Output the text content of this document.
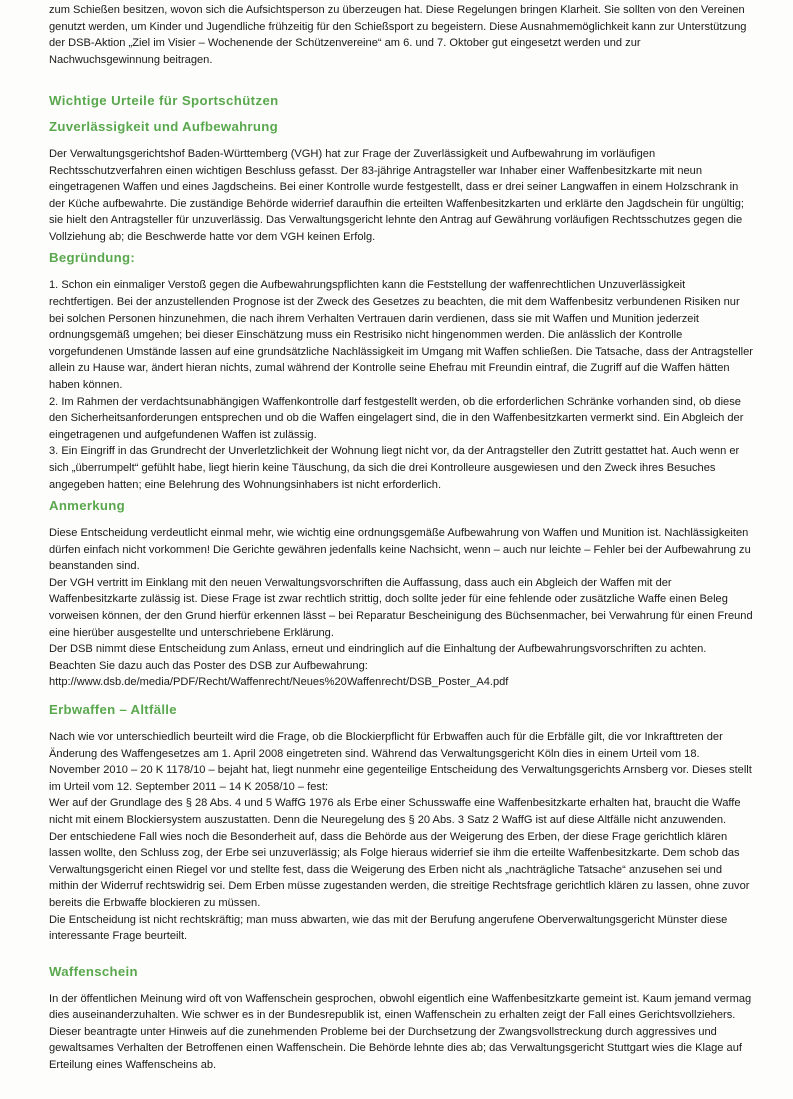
zum Schießen besitzen, wovon sich die Aufsichtsperson zu überzeugen hat. Diese Regelungen bringen Klarheit. Sie sollten von den Vereinen genutzt werden, um Kinder und Jugendliche frühzeitig für den Schießsport zu begeistern. Diese Ausnahmemöglichkeit kann zur Unterstützung der DSB-Aktion „Ziel im Visier – Wochenende der Schützenvereine“ am 6. und 7. Oktober gut eingesetzt werden und zur Nachwuchsgewinnung beitragen.

Wichtige Urteile für Sportschützen
Zuverlässigkeit und Aufbewahrung

Der Verwaltungsgerichtshof Baden-Württemberg (VGH) hat zur Frage der Zuverlässigkeit und Aufbewahrung im vorläufigen Rechtsschutzverfahren einen wichtigen Beschluss gefasst. Der 83-jährige Antragsteller war Inhaber einer Waffenbesitzkarte mit neun eingetragenen Waffen und eines Jagdscheins. Bei einer Kontrolle wurde festgestellt, dass er drei seiner Langwaffen in einem Holzschrank in der Küche aufbewahrte. Die zuständige Behörde widerrief daraufhin die erteilten Waffenbesitzkarten und erklärte den Jagdschein für ungültig; sie hielt den Antragsteller für unzuverlässig. Das Verwaltungsgericht lehnte den Antrag auf Gewährung vorläufigen Rechtsschutzes gegen die Vollziehung ab; die Beschwerde hatte vor dem VGH keinen Erfolg.

Begründung:

1. Schon ein einmaliger Verstoß gegen die Aufbewahrungspflichten kann die Feststellung der waffenrechtlichen Unzuverlässigkeit rechtfertigen. Bei der anzustellenden Prognose ist der Zweck des Gesetzes zu beachten, die mit dem Waffenbesitz verbundenen Risiken nur bei solchen Personen hinzunehmen, die nach ihrem Verhalten Vertrauen darin verdienen, dass sie mit Waffen und Munition jederzeit ordnungsgemäß umgehen; bei dieser Einschätzung muss ein Restrisiko nicht hingenommen werden. Die anlässlich der Kontrolle vorgefundenen Umstände lassen auf eine grundsätzliche Nachlässigkeit im Umgang mit Waffen schließen. Die Tatsache, dass der Antragsteller allein zu Hause war, ändert hieran nichts, zumal während der Kontrolle seine Ehefrau mit Freundin eintraf, die Zugriff auf die Waffen hätten haben können.

2. Im Rahmen der verdachtsunabhängigen Waffenkontrolle darf festgestellt werden, ob die erforderlichen Schränke vorhanden sind, ob diese den Sicherheitsanforderungen entsprechen und ob die Waffen eingelagert sind, die in den Waffenbesitzkarten vermerkt sind. Ein Abgleich der eingetragenen und aufgefundenen Waffen ist zulässig.

3. Ein Eingriff in das Grundrecht der Unverletzlichkeit der Wohnung liegt nicht vor, da der Antragsteller den Zutritt gestattet hat. Auch wenn er sich „überrumpelt“ gefühlt habe, liegt hierin keine Täuschung, da sich die drei Kontrolleure ausgewiesen und den Zweck ihres Besuches angegeben hatten; eine Belehrung des Wohnungsinhabers ist nicht erforderlich.

Anmerkung

Diese Entscheidung verdeutlicht einmal mehr, wie wichtig eine ordnungsgemäße Aufbewahrung von Waffen und Munition ist. Nachlässigkeiten dürfen einfach nicht vorkommen! Die Gerichte gewähren jedenfalls keine Nachsicht, wenn – auch nur leichte – Fehler bei der Aufbewahrung zu beanstanden sind.

Der VGH vertritt im Einklang mit den neuen Verwaltungsvorschriften die Auffassung, dass auch ein Abgleich der Waffen mit der Waffenbesitzkarte zulässig ist. Diese Frage ist zwar rechtlich strittig, doch sollte jeder für eine fehlende oder zusätzliche Waffe einen Beleg vorweisen können, der den Grund hierfür erkennen lässt – bei Reparatur Bescheinigung des Büchsenmacher, bei Verwahrung für einen Freund eine hierüber ausgestellte und unterschriebene Erklärung.

Der DSB nimmt diese Entscheidung zum Anlass, erneut und eindringlich auf die Einhaltung der Aufbewahrungsvorschriften zu achten. Beachten Sie dazu auch das Poster des DSB zur Aufbewahrung:

http://www.dsb.de/media/PDF/Recht/Waffenrecht/Neues%20Waffenrecht/DSB_Poster_A4.pdf

Erbwaffen – Altfälle

Nach wie vor unterschiedlich beurteilt wird die Frage, ob die Blockierpflicht für Erbwaffen auch für die Erbfälle gilt, die vor Inkrafttreten der Änderung des Waffengesetzes am 1. April 2008 eingetreten sind. Während das Verwaltungsgericht Köln dies in einem Urteil vom 18. November 2010 – 20 K 1178/10 – bejaht hat, liegt nunmehr eine gegenteilige Entscheidung des Verwaltungsgerichts Arnsberg vor. Dieses stellt im Urteil vom 12. September 2011 – 14 K 2058/10 – fest:

Wer auf der Grundlage des § 28 Abs. 4 und 5 WaffG 1976 als Erbe einer Schusswaffe eine Waffenbesitzkarte erhalten hat, braucht die Waffe nicht mit einem Blockiersystem auszustatten. Denn die Neuregelung des § 20 Abs. 3 Satz 2 WaffG ist auf diese Altfälle nicht anzuwenden.

Der entschiedene Fall wies noch die Besonderheit auf, dass die Behörde aus der Weigerung des Erben, der diese Frage gerichtlich klären lassen wollte, den Schluss zog, der Erbe sei unzuverlässig; als Folge hieraus widerrief sie ihm die erteilte Waffenbesitzkarte. Dem schob das Verwaltungsgericht einen Riegel vor und stellte fest, dass die Weigerung des Erben nicht als „nachträgliche Tatsache“ anzusehen sei und mithin der Widerruf rechtswidrig sei. Dem Erben müsse zugestanden werden, die streitige Rechtsfrage gerichtlich klären zu lassen, ohne zuvor bereits die Erbwaffe blockieren zu müssen.

Die Entscheidung ist nicht rechtskräftig; man muss abwarten, wie das mit der Berufung angerufene Oberverwaltungsgericht Münster diese interessante Frage beurteilt.

Waffenschein

In der öffentlichen Meinung wird oft von Waffenschein gesprochen, obwohl eigentlich eine Waffenbesitzkarte gemeint ist. Kaum jemand vermag dies auseinanderzuhalten. Wie schwer es in der Bundesrepublik ist, einen Waffenschein zu erhalten zeigt der Fall eines Gerichtsvollziehers. Dieser beantragte unter Hinweis auf die zunehmenden Probleme bei der Durchsetzung der Zwangsvollstreckung durch aggressives und gewaltsames Verhalten der Betroffenen einen Waffenschein. Die Behörde lehnte dies ab; das Verwaltungsgericht Stuttgart wies die Klage auf Erteilung eines Waffenscheins ab.
